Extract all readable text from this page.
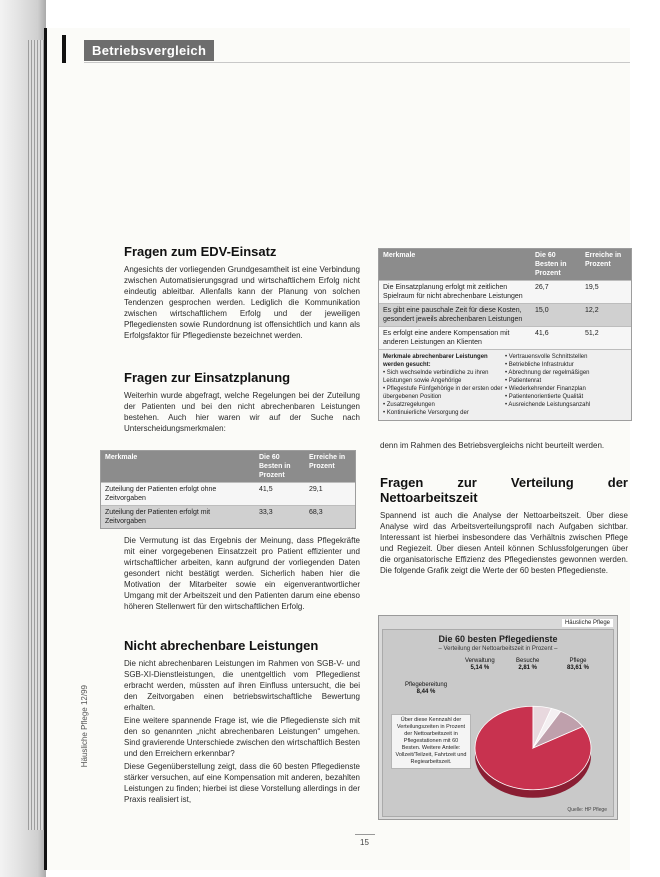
Betriebsvergleich
Fragen zum EDV-Einsatz

Angesichts der vorliegenden Grundgesamtheit ist eine Verbindung zwischen Automatisierungsgrad und wirtschaftlichem Erfolg nicht eindeutig ableitbar. Allenfalls kann der Planung von solchen Tendenzen gesprochen werden. Lediglich die Kommunikation zwischen wirtschaftlichem Erfolg und der jeweiligen Pflegediensten sowie Rundordnung ist offensichtlich und kann als Erfolgsfaktor für Pflegedienste bezeichnet werden.

Fragen zur Einsatzplanung

Weiterhin wurde abgefragt, welche Regelungen bei der Zuteilung der Patienten und bei den nicht abrechenbaren Leistungen bestehen. Auch hier waren wir auf der Suche nach Unterscheidungsmerkmalen:

Merkmale	Die 60 Besten in Prozent
Erreiche in Prozent
Zuteilung der Patienten erfolgt ohne Zeitvorgaben
41,5	29,1
Zuteilung der Patienten erfolgt mit Zeitvorgaben
33,3	68,3

Die Vermutung ist das Ergebnis der Meinung, dass Pflegekräfte mit einer vorgegebenen Einsatzzeit pro Patient effizienter und wirtschaftlicher arbeiten, kann aufgrund der vorliegenden Daten gesondert nicht bestätigt werden. Sicherlich haben hier die Motivation der Mitarbeiter sowie ein eigenverantwortlicher Umgang mit der Arbeitszeit und den Patienten darum eine ebenso höheren Stellenwert für den wirtschaftlichen Erfolg.

Nicht abrechenbare Leistungen

Die nicht abrechenbaren Leistungen im Rahmen von SGB-V- und SGB-XI-Dienstleistungen, die unentgeltlich vom Pflegedienst erbracht werden, müssten auf ihren Einfluss untersucht, die bei den Zeitvorgaben einen betriebswirtschaftliche Bewertung erhalten.

Eine weitere spannende Frage ist, wie die Pflegedienste sich mit den so genannten „nicht abrechenbaren Leistungen“ umgehen. Sind gravierende Unterschiede zwischen den wirtschaftlich Besten und den Erreichern erkennbar?

Diese Gegenüberstellung zeigt, dass die 60 besten Pflegedienste stärker versuchen, auf eine Kompensation mit anderen, bezahlten Leistungen zu finden; hierbei ist diese Vorstellung allerdings in der Praxis realisiert ist,

Merkmale	Die 60 Besten in Prozent
Erreiche in Prozent
Die Einsatzplanung erfolgt mit zeitlichen Spielraum für nicht abrechenbare Leistungen
26,7	19,5
Es gibt eine pauschale Zeit für diese Kosten, gesondert jeweils abrechenbaren Leistungen
15,0	12,2
Es erfolgt eine andere Kompensation mit anderen Leistungen an Klienten
41,6	51,2
Merkmale abrechenbarer Leistungen werden gesucht:
• Sich wechselnde verbindliche zu ihren Leistungen sowie Angehörige
• Pflegestufe Fünfgehörige in der ersten oder übergebenen Position
• Zusatzregelungen
• Kontinuierliche Versorgung der
• Vertrauensvolle Schnittstellen
• Betriebliche Infrastruktur
• Abrechnung der regelmäßigen
• Patientenrat
• Wiederkehrender Finanzplan
• Patientenorientierte Qualität
• Ausreichende Leistungsanzahl

denn im Rahmen des Betriebsvergleichs nicht beurteilt werden.

Fragen zur Verteilung der Nettoarbeitszeit

Spannend ist auch die Analyse der Nettoarbeitszeit. Über diese Analyse wird das Arbeitsverteilungsprofil nach Aufgaben sichtbar. Interessant ist hierbei insbesondere das Verhältnis zwischen Pflege und Regiezeit. Über diesen Anteil können Schlussfolgerungen über die organisatorische Effizienz des Pflegedienstes gewonnen werden. Die folgende Grafik zeigt die Werte der 60 besten Pflegedienste.

Häusliche Pflege
Die 60 besten Pflegedienste
– Verteilung der Nettoarbeitszeit in Prozent –
Verwaltung
5,14 %
Besuche
2,81 %
Pflege
83,61 %
Pflegebereitung
8,44 %
Über diese Kennzahl der Verteilungszeiten in Prozent der Nettoarbeitszeit in Pflegestationen mit 60 Besten. Weitere Anteile: Vollzeit/Teilzeit, Fahrtzeit und Regiearbeitszeit.
Quelle: HP Pflege
Häusliche Pflege 12/99
15
